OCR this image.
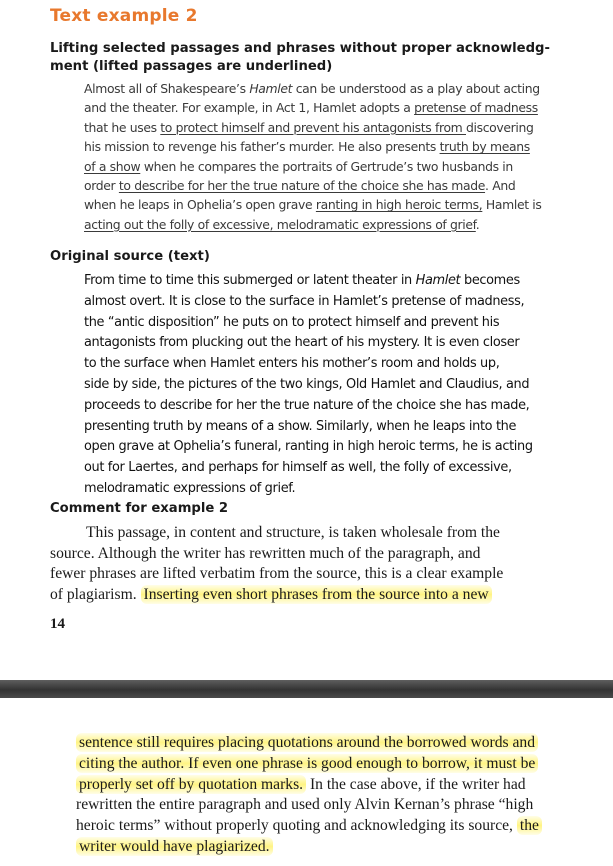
Text example 2
Lifting selected passages and phrases without proper acknowledg-
ment (lifted passages are underlined)
Almost all of Shakespeare’s Hamlet can be understood as a play about acting
and the theater. For example, in Act 1, Hamlet adopts a pretense of madness
that he uses to protect himself and prevent his antagonists from discovering
his mission to revenge his father’s murder. He also presents truth by means
of a show when he compares the portraits of Gertrude’s two husbands in
order to describe for her the true nature of the choice she has made. And
when he leaps in Ophelia’s open grave ranting in high heroic terms, Hamlet is
acting out the folly of excessive, melodramatic expressions of grief.
Original source (text)
From time to time this submerged or latent theater in Hamlet becomes
almost overt. It is close to the surface in Hamlet’s pretense of madness,
the “antic disposition” he puts on to protect himself and prevent his
antagonists from plucking out the heart of his mystery. It is even closer
to the surface when Hamlet enters his mother’s room and holds up,
side by side, the pictures of the two kings, Old Hamlet and Claudius, and
proceeds to describe for her the true nature of the choice she has made,
presenting truth by means of a show. Similarly, when he leaps into the
open grave at Ophelia’s funeral, ranting in high heroic terms, he is acting
out for Laertes, and perhaps for himself as well, the folly of excessive,
melodramatic expressions of grief.
Comment for example 2
This passage, in content and structure, is taken wholesale from the
source. Although the writer has rewritten much of the paragraph, and
fewer phrases are lifted verbatim from the source, this is a clear example
of plagiarism. Inserting even short phrases from the source into a new
14
sentence still requires placing quotations around the borrowed words and
citing the author. If even one phrase is good enough to borrow, it must be
properly set off by quotation marks. In the case above, if the writer had
rewritten the entire paragraph and used only Alvin Kernan’s phrase “high
heroic terms” without properly quoting and acknowledging its source, the
writer would have plagiarized.
